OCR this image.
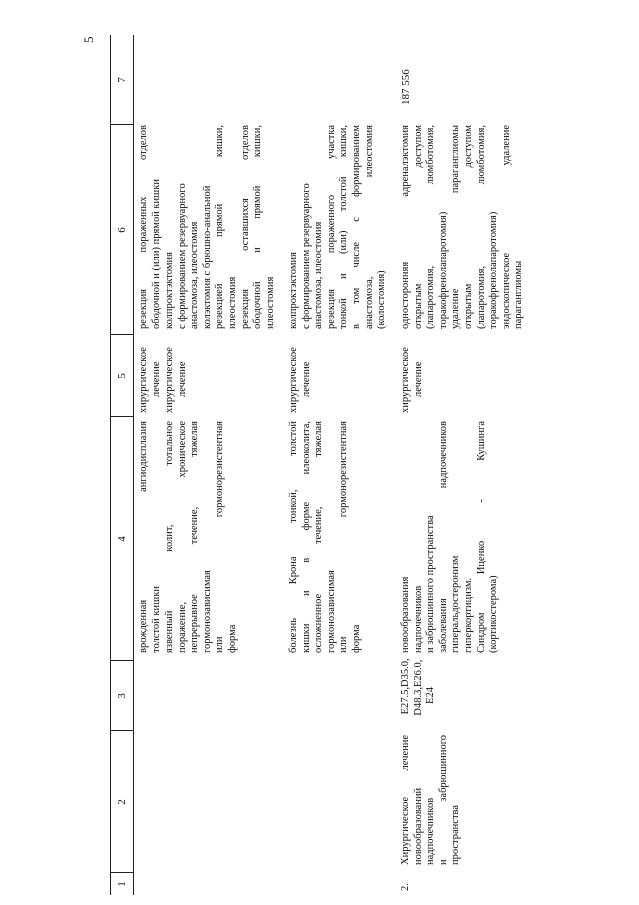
5
1
2
3
4
5
6
7
врожденная ангиодисплазия толстой кишки
хирургическое лечение
резекция пораженных отделов ободочной и (или) прямой кишки
язвенный колит, тотальное поражение, хроническое непрерывное течение, тяжелая гормонозависимая или гормонорезистентная форма
хирургическое лечение
колпроктэктомия с формированием резервуарного анастомоза, илеостомия колэктомия с брюшно-анальной резекцией прямой кишки, илеостомия резекция оставшихся отделов ободочной и прямой кишки, илеостомия
болезнь Крона тонкой, толстой кишки и в форме илеоколита, осложненное течение, тяжелая гормонозависимая или гормонорезистентная форма
хирургическое лечение
колпроктэктомия с формированием резервуарного анастомоза, илеостомия резекция пораженного участка тонкой и (или) толстой кишки, в том числе с формированием анастомоза, илеостомия (колостомия)
2.
Хирургическое лечение новообразований надпочечников и забрюшинного пространства
E27.5, D48.3, E24
D35.0, E26.0,
новообразования надпочечников и забрюшинного пространства заболевания надпочечников гиперальдостеронизм гиперкортицизм. Синдром Иценко - Кушинга (кортикостерома)
хирургическое лечение
односторонняя адреналэктомия открытым доступом (лапаротомия, люмботомия, торакофренолапаротомия) удаление параганглиомы открытым доступом (лапаротомия, люмботомия, торакофренолапаротомия) эндоскопическое удаление параганглиомы
187 556
